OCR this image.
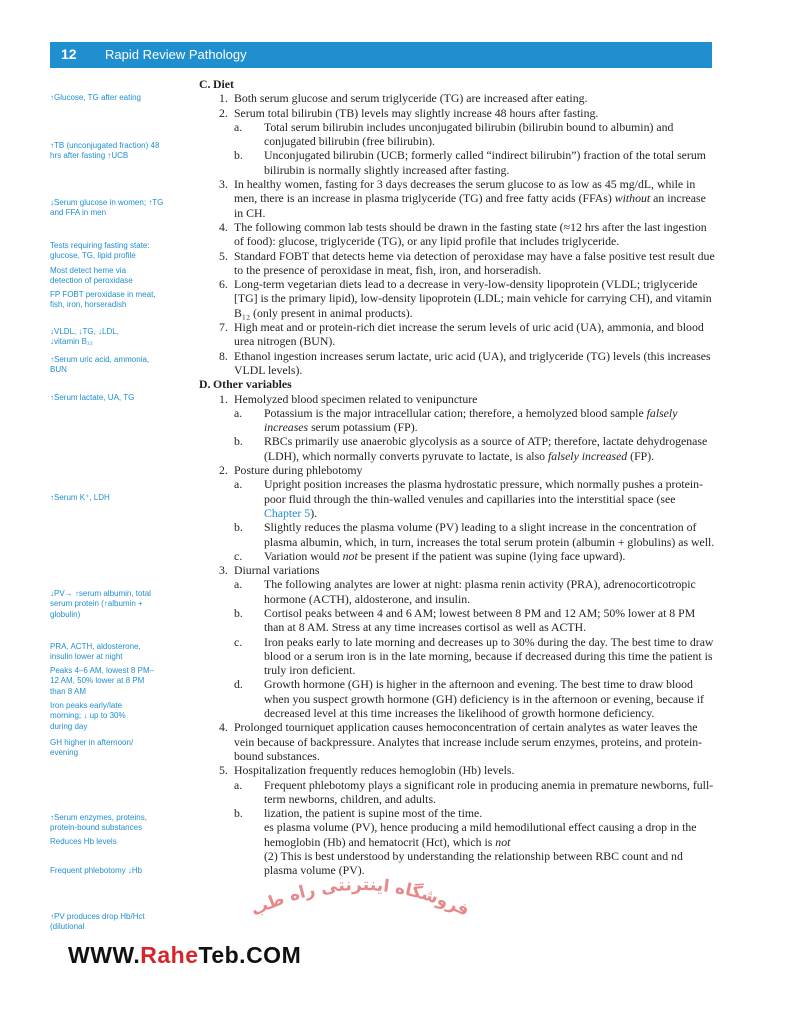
12 Rapid Review Pathology
↑Glucose, TG after eating
↑TB (unconjugated fraction) 48 hrs after fasting ↑UCB
↓Serum glucose in women; ↑TG and FFA in men
Tests requiring fasting state: glucose, TG, lipid profile
Most detect heme via detection of peroxidase
FP FOBT peroxidase in meat, fish, iron, horseradish
↓VLDL, ↓TG, ↓LDL, ↓vitamin B₁₂
↑Serum uric acid, ammonia, BUN
↑Serum lactate, UA, TG
↑Serum K⁺, LDH
↓PV→ ↑serum albumin, total serum protein (↑albumin + globulin)
PRA, ACTH, aldosterone, insulin lower at night
Peaks 4–6 AM, lowest 8 PM–12 AM, 50% lower at 8 PM than 8 AM
Iron peaks early/late morning; ↓ up to 30% during day
GH higher in afternoon/ evening
↑Serum enzymes, proteins, protein-bound substances
Reduces Hb levels
Frequent phlebotomy ↓Hb
↑PV produces drop Hb/Hct (dilutional
C. Diet
1. Both serum glucose and serum triglyceride (TG) are increased after eating.
2. Serum total bilirubin (TB) levels may slightly increase 48 hours after fasting.
a.	Total serum bilirubin includes unconjugated bilirubin (bilirubin bound to albumin) and conjugated bilirubin (free bilirubin).
b.	Unconjugated bilirubin (UCB; formerly called “indirect bilirubin”) fraction of the total serum bilirubin is normally slightly increased after fasting.
3. In healthy women, fasting for 3 days decreases the serum glucose to as low as 45 mg/dL, while in men, there is an increase in plasma triglyceride (TG) and free fatty acids (FFAs) without an increase in CH.
4. The following common lab tests should be drawn in the fasting state (≈12 hrs after the last ingestion of food): glucose, triglyceride (TG), or any lipid profile that includes triglyceride.
5. Standard FOBT that detects heme via detection of peroxidase may have a false positive test result due to the presence of peroxidase in meat, fish, iron, and horseradish.
6. Long-term vegetarian diets lead to a decrease in very-low-density lipoprotein (VLDL; triglyceride [TG] is the primary lipid), low-density lipoprotein (LDL; main vehicle for carrying CH), and vitamin B₁₂ (only present in animal products).
7. High meat and or protein-rich diet increase the serum levels of uric acid (UA), ammonia, and blood urea nitrogen (BUN).
8. Ethanol ingestion increases serum lactate, uric acid (UA), and triglyceride (TG) levels (this increases VLDL levels).
D. Other variables
1. Hemolyzed blood specimen related to venipuncture
a.	Potassium is the major intracellular cation; therefore, a hemolyzed blood sample falsely increases serum potassium (FP).
b.	RBCs primarily use anaerobic glycolysis as a source of ATP; therefore, lactate dehydrogenase (LDH), which normally converts pyruvate to lactate, is also falsely increased (FP).
2. Posture during phlebotomy
a.	Upright position increases the plasma hydrostatic pressure, which normally pushes a protein-poor fluid through the thin-walled venules and capillaries into the interstitial space (see Chapter 5).
b.	Slightly reduces the plasma volume (PV) leading to a slight increase in the concentration of plasma albumin, which, in turn, increases the total serum protein (albumin + globulins) as well.
c.	Variation would not be present if the patient was supine (lying face upward).
3. Diurnal variations
a.	The following analytes are lower at night: plasma renin activity (PRA), adrenocorticotropic hormone (ACTH), aldosterone, and insulin.
b.	Cortisol peaks between 4 and 6 AM; lowest between 8 PM and 12 AM; 50% lower at 8 PM than at 8 AM. Stress at any time increases cortisol as well as ACTH.
c.	Iron peaks early to late morning and decreases up to 30% during the day. The best time to draw blood or a serum iron is in the late morning, because if decreased during this time the patient is truly iron deficient.
d.	Growth hormone (GH) is higher in the afternoon and evening. The best time to draw blood when you suspect growth hormone (GH) deficiency is in the afternoon or evening, because if decreased level at this time increases the likelihood of growth hormone deficiency.
4. Prolonged tourniquet application causes hemoconcentration of certain analytes as water leaves the vein because of backpressure. Analytes that increase include serum enzymes, proteins, and protein-bound substances.
5. Hospitalization frequently reduces hemoglobin (Hb) levels.
a.	Frequent phlebotomy plays a significant role in producing anemia in premature newborns, full-term newborns, children, and adults.
b.	lization, the patient is supine most of the time.
es plasma volume (PV), hence producing a mild hemodilutional effect causing a drop in the hemoglobin (Hb) and hematocrit (Hct), which is not
(2) This is best understood by understanding the relationship between RBC count and nd plasma volume (PV).
فروشگاه اینترنتی راه طب
WWW.RaheTeb.COM
